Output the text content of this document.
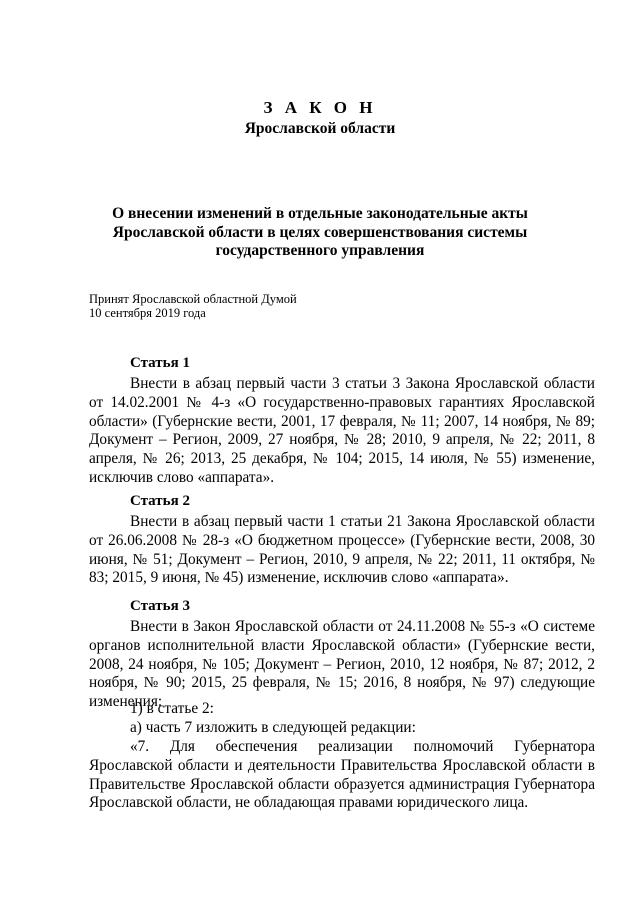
З А К О Н
Ярославской области
О внесении изменений в отдельные законодательные акты Ярославской области в целях совершенствования системы государственного управления
Принят Ярославской областной Думой
10 сентября 2019 года
Статья 1
Внести в абзац первый части 3 статьи 3 Закона Ярославской области от 14.02.2001 № 4-з «О государственно-правовых гарантиях Ярославской области» (Губернские вести, 2001, 17 февраля, № 11; 2007, 14 ноября, № 89; Документ – Регион, 2009, 27 ноября, № 28; 2010, 9 апреля, № 22; 2011, 8 апреля, № 26; 2013, 25 декабря, № 104; 2015, 14 июля, № 55) изменение, исключив слово «аппарата».
Статья 2
Внести в абзац первый части 1 статьи 21 Закона Ярославской области от 26.06.2008 № 28-з «О бюджетном процессе» (Губернские вести, 2008, 30 июня, № 51; Документ – Регион, 2010, 9 апреля, № 22; 2011, 11 октября, № 83; 2015, 9 июня, № 45) изменение, исключив слово «аппарата».
Статья 3
Внести в Закон Ярославской области от 24.11.2008 № 55-з «О системе органов исполнительной власти Ярославской области» (Губернские вести, 2008, 24 ноября, № 105; Документ – Регион, 2010, 12 ноября, № 87; 2012, 2 ноября, № 90; 2015, 25 февраля, № 15; 2016, 8 ноября, № 97) следующие изменения:
1) в статье 2:
а) часть 7 изложить в следующей редакции:
«7. Для обеспечения реализации полномочий Губернатора Ярославской области и деятельности Правительства Ярославской области в Правительстве Ярославской области образуется администрация Губернатора Ярославской области, не обладающая правами юридического лица.
